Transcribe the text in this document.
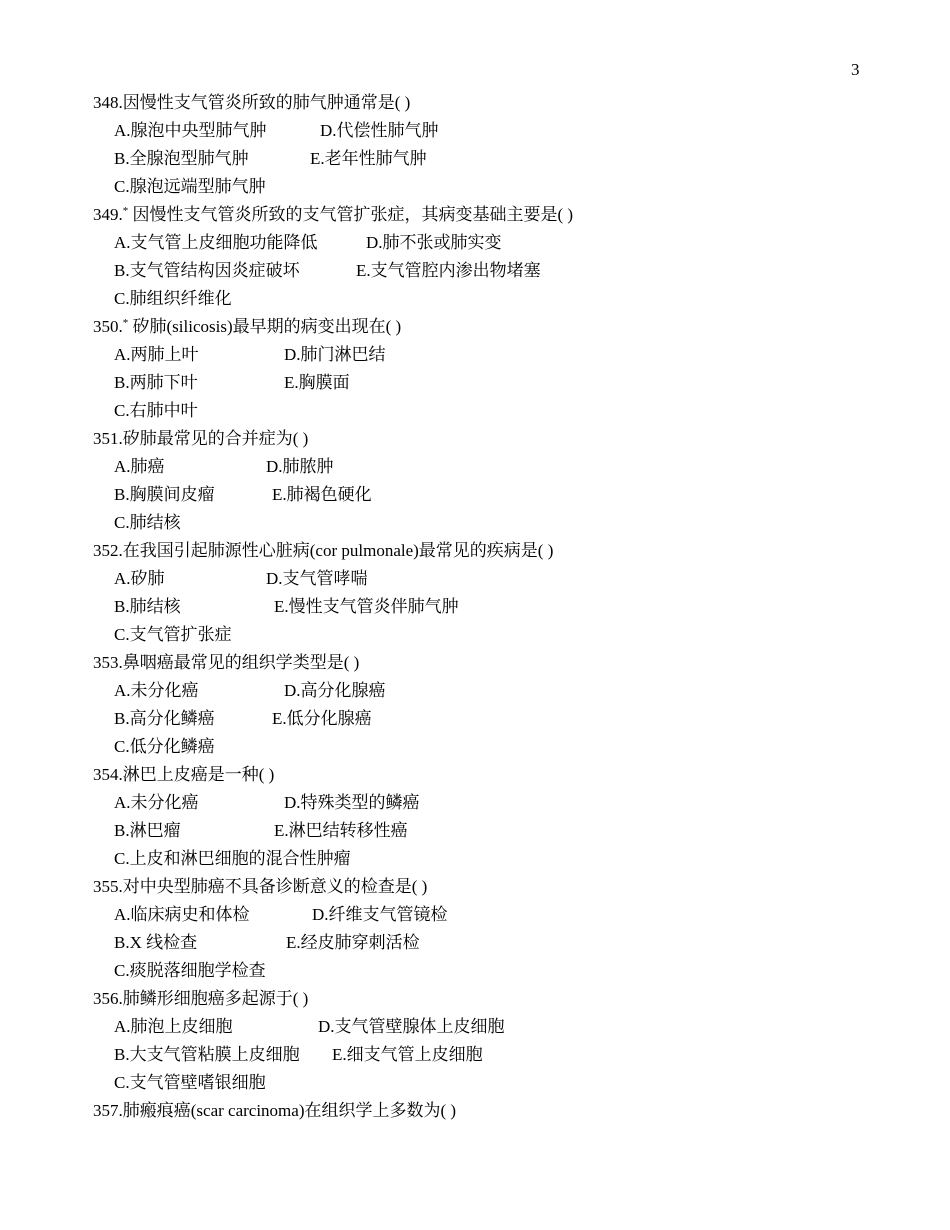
3
348.因慢性支气管炎所致的肺气肿通常是( )
A.腺泡中央型肺气肿	D.代偿性肺气肿
B.全腺泡型肺气肿	E.老年性肺气肿
C.腺泡远端型肺气肿
349.* 因慢性支气管炎所致的支气管扩张症，其病变基础主要是( )
A.支气管上皮细胞功能降低	D.肺不张或肺实变
B.支气管结构因炎症破坏	E.支气管腔内渗出物堵塞
C.肺组织纤维化
350.* 矽肺(silicosis)最早期的病变出现在( )
A.两肺上叶	D.肺门淋巴结
B.两肺下叶	E.胸膜面
C.右肺中叶
351.矽肺最常见的合并症为( )
A.肺癌	D.肺脓肿
B.胸膜间皮瘤	E.肺褐色硬化
C.肺结核
352.在我国引起肺源性心脏病(cor pulmonale)最常见的疾病是( )
A.矽肺	D.支气管哮喘
B.肺结核	E.慢性支气管炎伴肺气肿
C.支气管扩张症
353.鼻咽癌最常见的组织学类型是( )
A.未分化癌	D.高分化腺癌
B.高分化鳞癌	E.低分化腺癌
C.低分化鳞癌
354.淋巴上皮癌是一种( )
A.未分化癌	D.特殊类型的鳞癌
B.淋巴瘤	E.淋巴结转移性癌
C.上皮和淋巴细胞的混合性肿瘤
355.对中央型肺癌不具备诊断意义的检查是( )
A.临床病史和体检	D.纤维支气管镜检
B.X 线检查	E.经皮肺穿刺活检
C.痰脱落细胞学检查
356.肺鳞形细胞癌多起源于( )
A.肺泡上皮细胞	D.支气管壁腺体上皮细胞
B.大支气管粘膜上皮细胞 E.细支气管上皮细胞
C.支气管壁嗜银细胞
357.肺瘢痕癌(scar carcinoma)在组织学上多数为( )
